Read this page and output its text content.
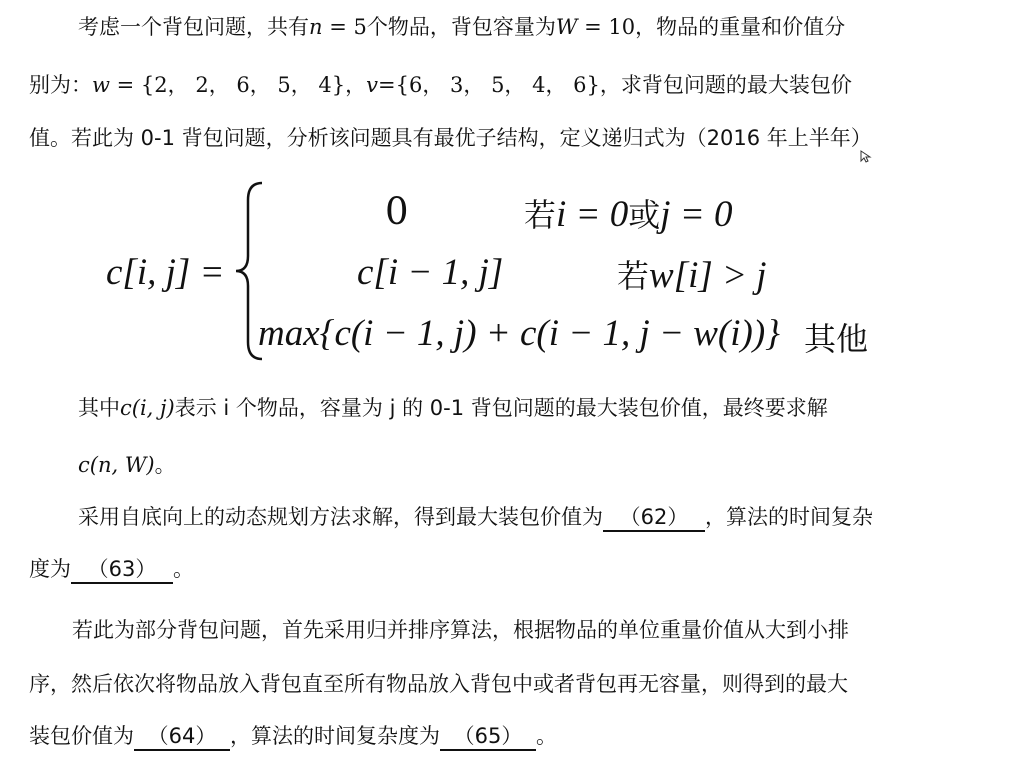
考虑一个背包问题，共有n = 5个物品，背包容量为W = 10，物品的重量和价值分
别为：w = {2， 2， 6， 5， 4}，v={6， 3， 5， 4， 6}，求背包问题的最大装包价
值。若此为 0-1 背包问题，分析该问题具有最优子结构，定义递归式为（2016 年上半年）
c[i, j] =
0	若i = 0或j = 0
c[i − 1, j]	若w[i] > j
max{c(i − 1, j) + c(i − 1, j − w(i))} 其他
其中c(i, j)表示 i 个物品，容量为 j 的 0-1 背包问题的最大装包价值，最终要求解
c(n, W)。
采用自底向上的动态规划方法求解，得到最大装包价值为 （62） ，算法的时间复杂
度为 （63） 。
若此为部分背包问题，首先采用归并排序算法，根据物品的单位重量价值从大到小排
序，然后依次将物品放入背包直至所有物品放入背包中或者背包再无容量，则得到的最大
装包价值为 （64） ，算法的时间复杂度为 （65） 。
